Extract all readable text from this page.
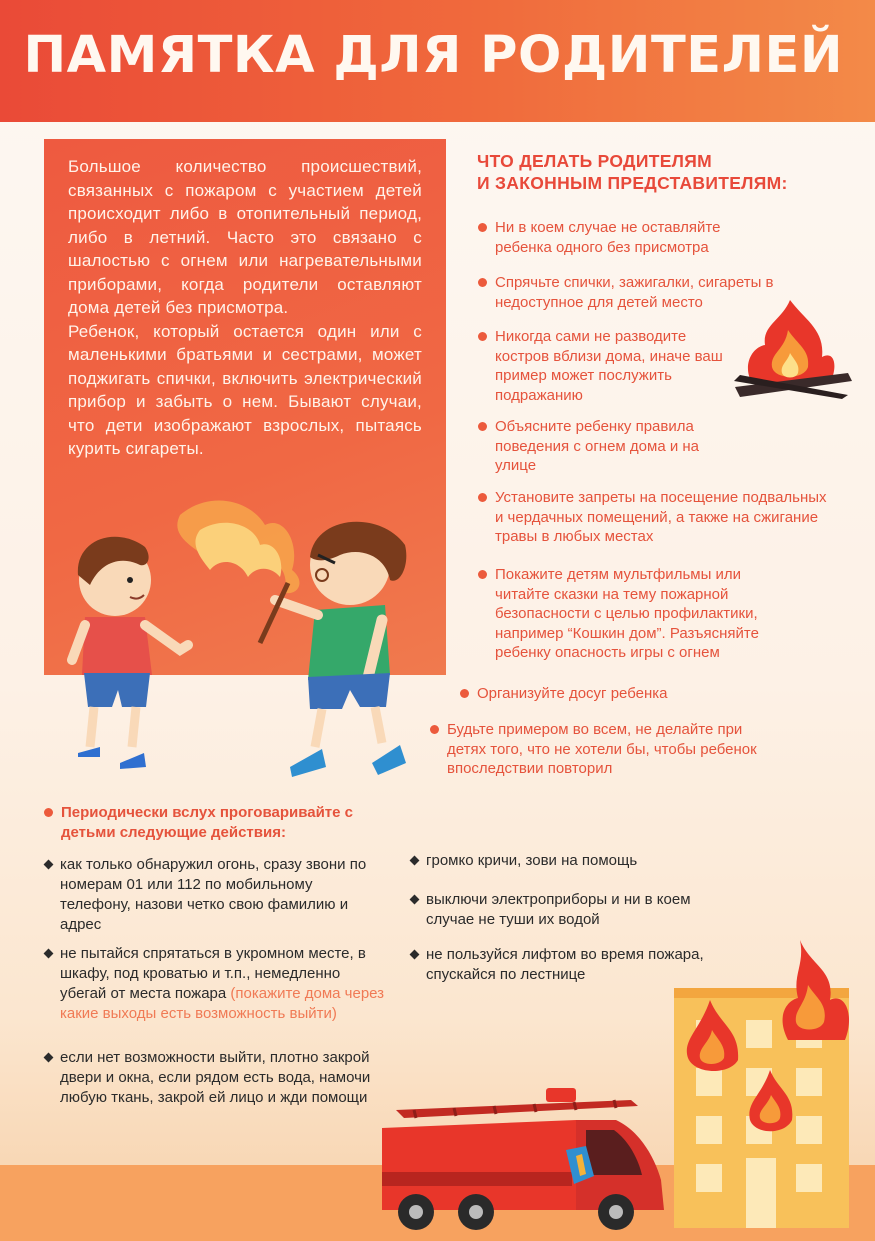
ПАМЯТКА ДЛЯ РОДИТЕЛЕЙ

Большое количество происшествий, связанных с пожаром с участием детей происходит либо в отопительный период, либо в летний. Часто это связано с шалостью с огнем или нагревательными приборами, когда родители оставляют дома детей без присмотра.

Ребенок, который остается один или с маленькими братьями и сестрами, может поджигать спички, включить электрический прибор и забыть о нем. Бывают случаи, что дети изображают взрослых, пытаясь курить сигареты.

ЧТО ДЕЛАТЬ РОДИТЕЛЯМ
И ЗАКОННЫМ ПРЕДСТАВИТЕЛЯМ:
Ни в коем случае не оставляйте ребенка одного без присмотра
Спрячьте спички, зажигалки, сигареты в недоступное для детей место
Никогда сами не разводите костров вблизи дома, иначе ваш пример может послужить подражанию
Объясните ребенку правила поведения с огнем дома и на улице
Установите запреты на посещение подвальных и чердачных помещений, а также на сжигание травы в любых местах
Покажите детям мультфильмы или читайте сказки на тему пожарной безопасности с целью профилактики, например “Кошкин дом”. Разъясняйте ребенку опасность игры с огнем
Организуйте досуг ребенка
Будьте примером во всем, не делайте при детях того, что не хотели бы, чтобы ребенок впоследствии повторил
Периодически вслух проговаривайте с детьми следующие действия:
как только обнаружил огонь, сразу звони по номерам 01 или 112 по мобильному телефону, назови четко свою фамилию и адрес
не пытайся спрятаться в укромном месте, в шкафу, под кроватью и т.п., немедленно убегай от места пожара (покажите дома через какие выходы есть возможность выйти)
если нет возможности выйти, плотно закрой двери и окна, если рядом есть вода, намочи любую ткань, закрой ей лицо и жди помощи
громко кричи, зови на помощь
выключи электроприборы и ни в коем случае не туши их водой
не пользуйся лифтом во время пожара, спускайся по лестнице
